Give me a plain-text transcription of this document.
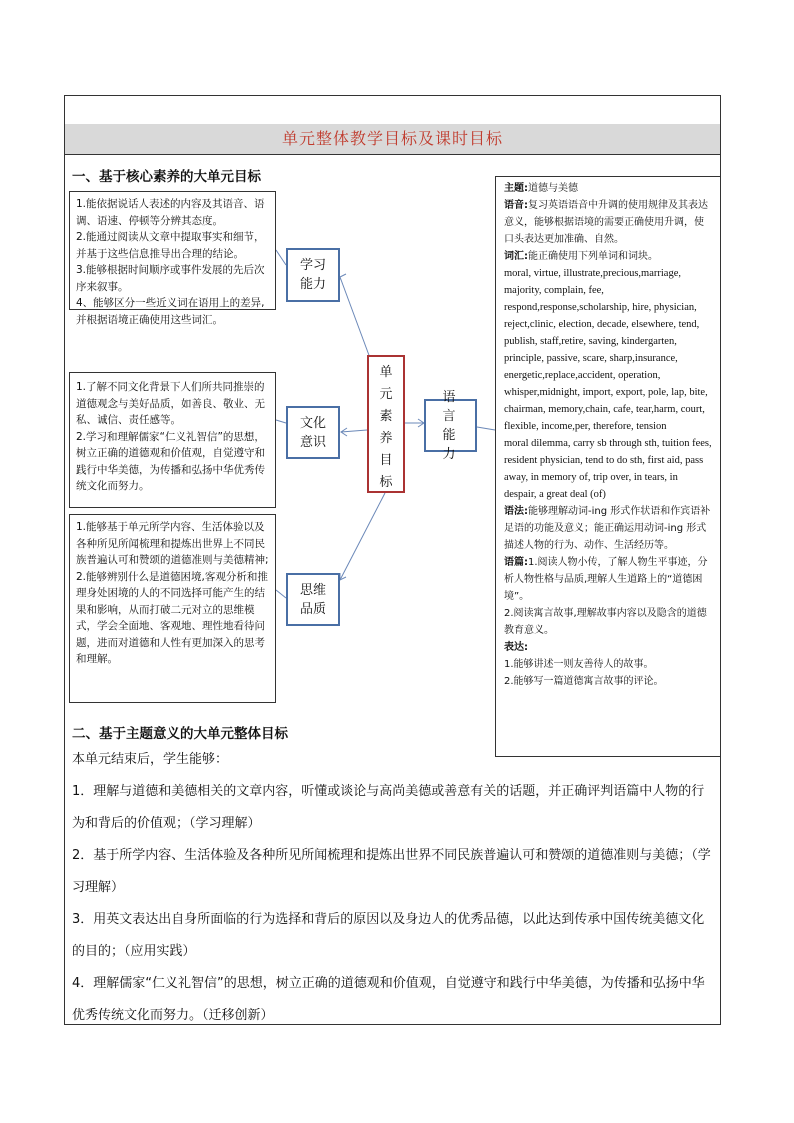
单元整体教学目标及课时目标
一、基于核心素养的大单元目标

1.能依据说话人表述的内容及其语音、语调、语速、停顿等分辨其态度。

2.能通过阅读从文章中提取事实和细节，并基于这些信息推导出合理的结论。

3.能够根据时间顺序或事件发展的先后次序来叙事。

4、能够区分一些近义词在语用上的差异,并根据语境正确使用这些词汇。

1.了解不同文化背景下人们所共同推崇的道德观念与美好品质，如善良、敬业、无私、诚信、责任感等。

2.学习和理解儒家“仁义礼智信”的思想，树立正确的道德观和价值观，自觉遵守和践行中华美德，为传播和弘扬中华优秀传统文化而努力。

1.能够基于单元所学内容、生活体验以及各种所见所闻梳理和提炼出世界上不同民族普遍认可和赞颂的道德准则与美德精神;

2.能够辨别什么是道德困境,客观分析和推理身处困境的人的不同选择可能产生的结果和影响，从而打破二元对立的思维模式，学会全面地、客观地、理性地看待问题，进而对道德和人性有更加深入的思考和理解。

学习能力
文化意识
思维品质
语言能力
单
元
素
养
目
标

主题:道德与美德

语音:复习英语语音中升调的使用规律及其表达意义，能够根据语境的需要正确使用升调，使口头表达更加准确、自然。

词汇:能正确使用下列单词和词块。

moral, virtue, illustrate,precious,marriage, majority, complain, fee, respond,response,scholarship, hire, physician, reject,clinic, election, decade, elsewhere, tend, publish, staff,retire, saving, kindergarten, principle, passive, scare, sharp,insurance, energetic,replace,accident, operation, whisper,midnight, import, export, pole, lap, bite, chairman, memory,chain, cafe, tear,harm, court, flexible, income,per, therefore, tension

moral dilemma, carry sb through sth, tuition fees, resident physician, tend to do sth, first aid, pass away, in memory of, trip over, in tears, in despair, a great deal (of)

语法:能够理解动词-ing 形式作状语和作宾语补足语的功能及意义；能正确运用动词-ing 形式描述人物的行为、动作、生活经历等。

语篇:1.阅读人物小传，了解人物生平事迹，分析人物性格与品质,理解人生道路上的“道德困境”。

2.阅读寓言故事,理解故事内容以及隐含的道德教育意义。

表达:

1.能够讲述一则友善待人的故事。

2.能够写一篇道德寓言故事的评论。

二、基于主题意义的大单元整体目标

本单元结束后，学生能够：

1．理解与道德和美德相关的文章内容，听懂或谈论与高尚美德或善意有关的话题，并正确评判语篇中人物的行为和背后的价值观；（学习理解）

2．基于所学内容、生活体验及各种所见所闻梳理和提炼出世界不同民族普遍认可和赞颂的道德准则与美德；（学习理解）

3．用英文表达出自身所面临的行为选择和背后的原因以及身边人的优秀品德，以此达到传承中国传统美德文化的目的；（应用实践）

4．理解儒家“仁义礼智信”的思想，树立正确的道德观和价值观，自觉遵守和践行中华美德，为传播和弘扬中华优秀传统文化而努力。（迁移创新）
